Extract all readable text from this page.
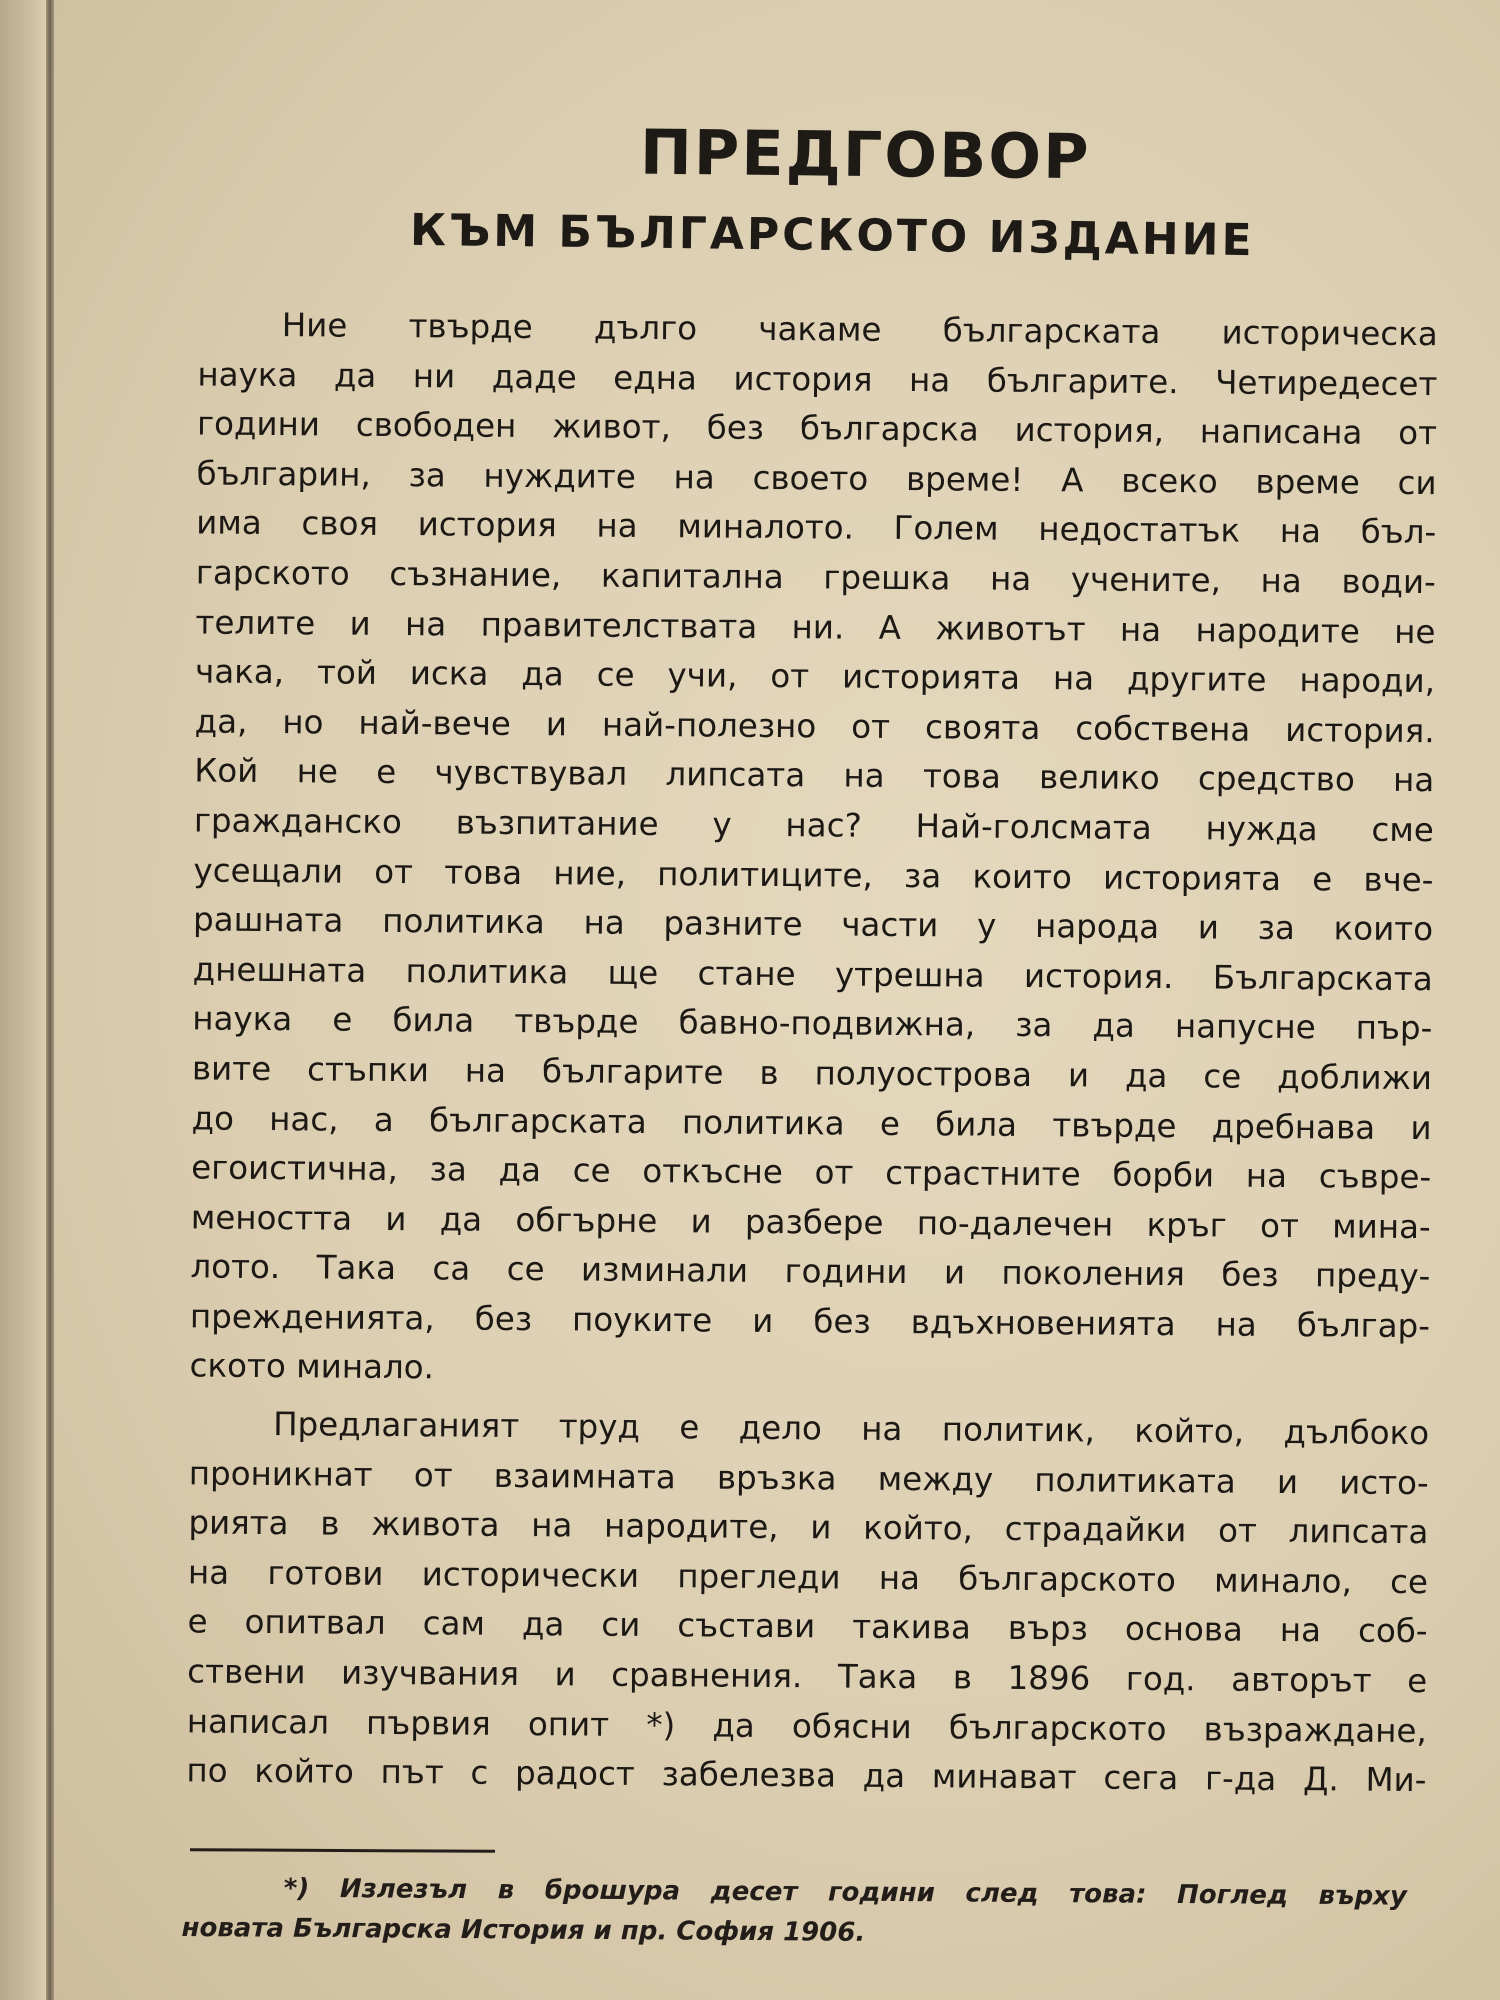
ПРЕДГОВОР
КЪМ БЪЛГАРСКОТО ИЗДАНИЕ
Ние твърде дълго чакаме българската историческа
наука да ни даде една история на българите. Четиредесет
години свободен живот, без българска история, написана от
българин, за нуждите на своето време! А всеко време си
има своя история на миналото. Голем недостатък на бъл-
гарското съзнание, капитална грешка на учените, на води-
телите и на правителствата ни. А животът на народите не
чака, той иска да се учи, от историята на другите народи,
да, но най-вече и най-полезно от своята собствена история.
Кой не е чувствувал липсата на това велико средство на
гражданско възпитание у нас? Най-голсмата нужда сме
усещали от това ние, политиците, за които историята е вче-
рашната политика на разните части у народа и за които
днешната политика ще стане утрешна история. Българската
наука е била твърде бавно-подвижна, за да напусне пър-
вите стъпки на българите в полуострова и да се доближи
до нас, а българската политика е била твърде дребнава и
егоистична, за да се откъсне от страстните борби на съвре-
меността и да обгърне и разбере по-далечен кръг от мина-
лото. Така са се изминали години и поколения без преду-
прежденията, без поуките и без вдъхновенията на българ-
ското минало.
Предлаганият труд е дело на политик, който, дълбоко
проникнат от взаимната връзка между политиката и исто-
рията в живота на народите, и който, страдайки от липсата
на готови исторически прегледи на българското минало, се
е опитвал сам да си състави такива въpз основа на соб-
ствени изучвания и сравнения. Така в 1896 год. авторът е
написал първия опит *) да обясни българското възраждане,
по който път с радост забелезва да минават сега г-да Д. Ми-
*) Излезъл в брошура десет години след това: Поглед върху
новата Българска История и пр. София 1906.
